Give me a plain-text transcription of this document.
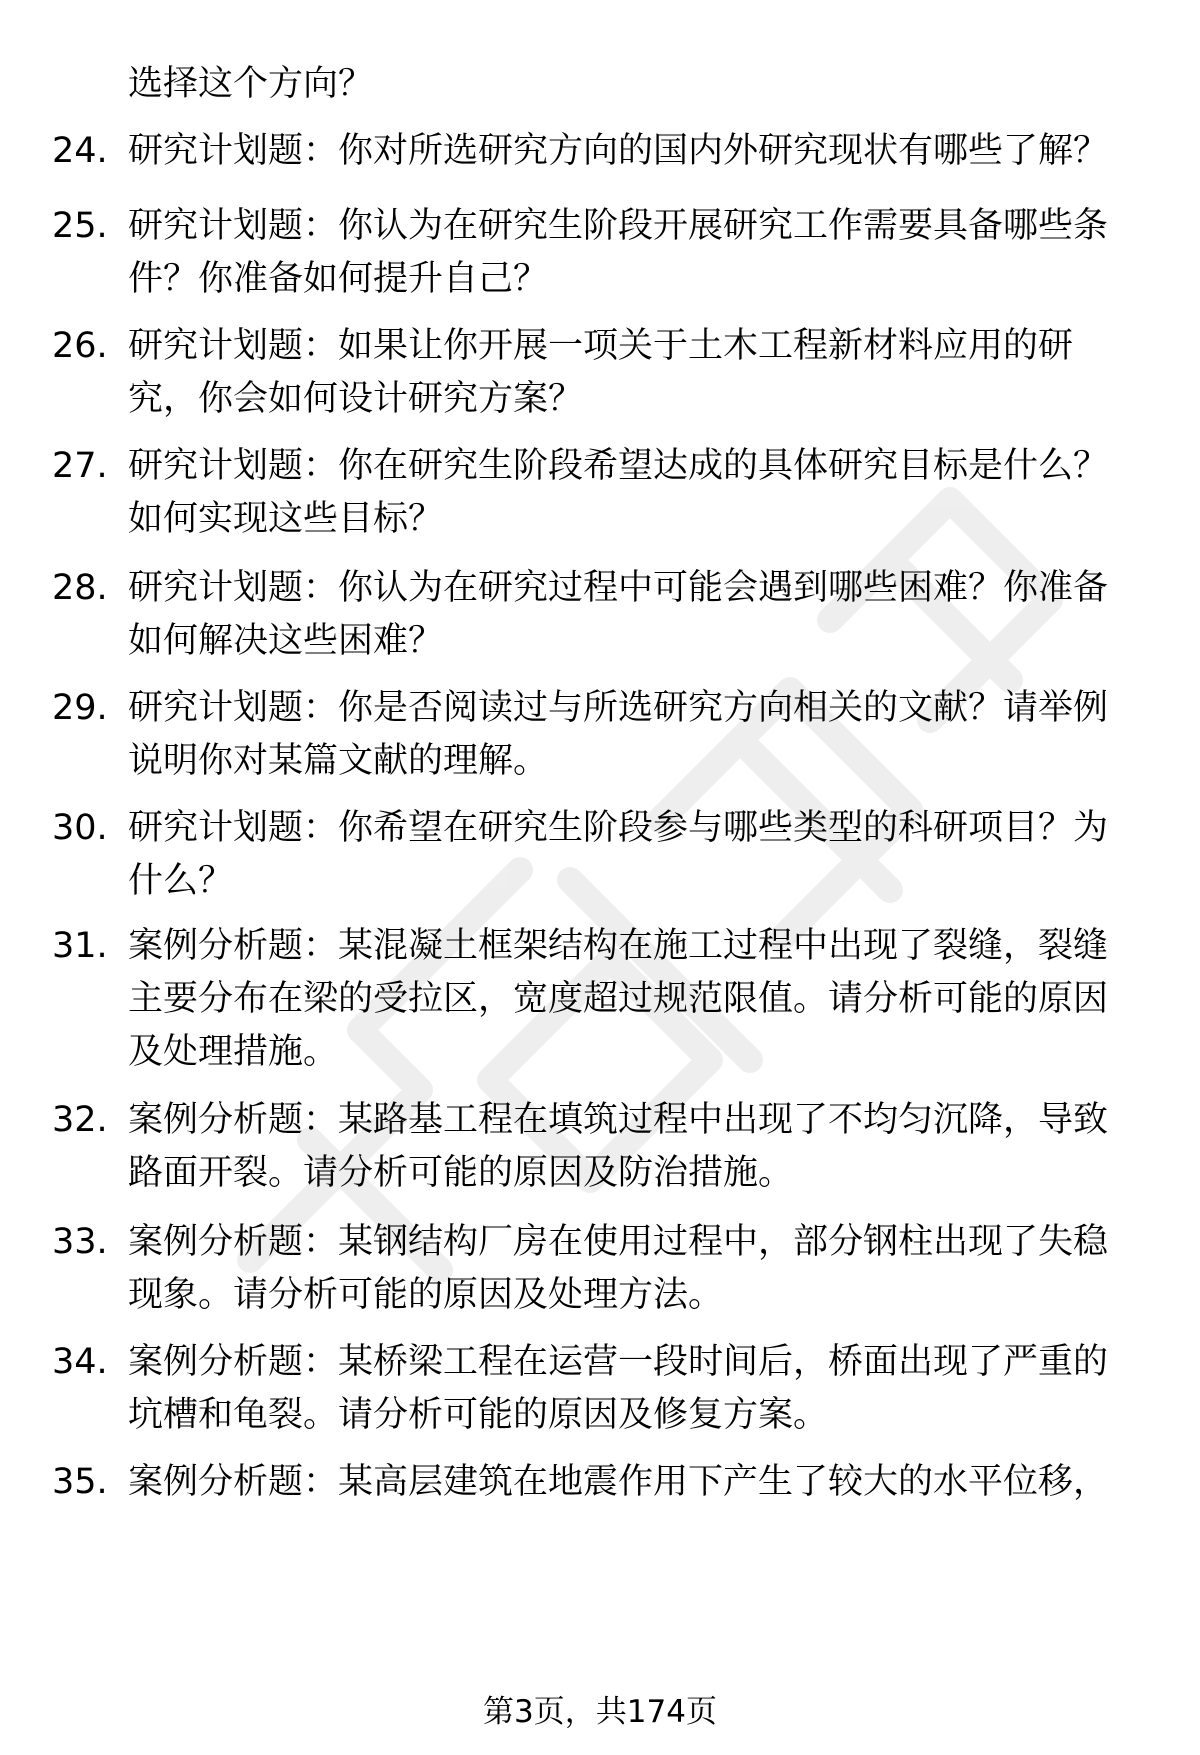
选择这个方向？
24. 研究计划题：你对所选研究方向的国内外研究现状有哪些了解？
25. 研究计划题：你认为在研究生阶段开展研究工作需要具备哪些条
件？你准备如何提升自己？
26. 研究计划题：如果让你开展一项关于土木工程新材料应用的研
究，你会如何设计研究方案？
27. 研究计划题：你在研究生阶段希望达成的具体研究目标是什么？
如何实现这些目标？
28. 研究计划题：你认为在研究过程中可能会遇到哪些困难？你准备
如何解决这些困难？
29. 研究计划题：你是否阅读过与所选研究方向相关的文献？请举例
说明你对某篇文献的理解。
30. 研究计划题：你希望在研究生阶段参与哪些类型的科研项目？为
什么？
31. 案例分析题：某混凝土框架结构在施工过程中出现了裂缝，裂缝
主要分布在梁的受拉区，宽度超过规范限值。请分析可能的原因
及处理措施。
32. 案例分析题：某路基工程在填筑过程中出现了不均匀沉降，导致
路面开裂。请分析可能的原因及防治措施。
33. 案例分析题：某钢结构厂房在使用过程中，部分钢柱出现了失稳
现象。请分析可能的原因及处理方法。
34. 案例分析题：某桥梁工程在运营一段时间后，桥面出现了严重的
坑槽和龟裂。请分析可能的原因及修复方案。
35. 案例分析题：某高层建筑在地震作用下产生了较大的水平位移，
第3页，共174页
